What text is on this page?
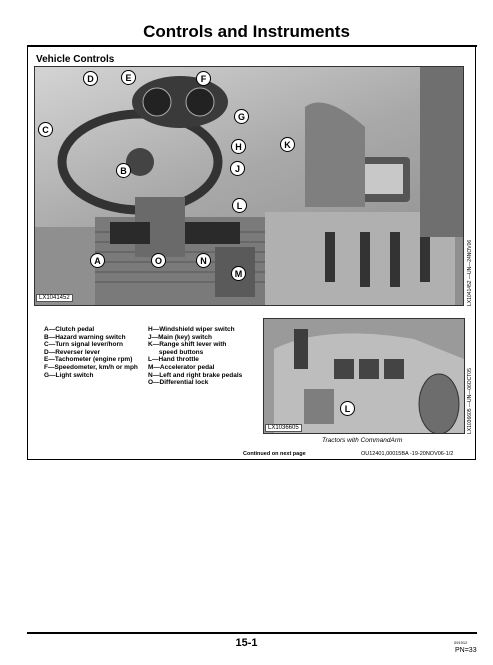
Controls and Instruments
Vehicle Controls
D	E	F
C
G
H	K
B	J
L
A	O	N
M
LX1041452	LX1041452 —UN—24NOV06
A—Clutch pedal
B—Hazard warning switch
C—Turn signal lever/horn
D—Reverser lever
E—Tachometer (engine rpm)
F—Speedometer, km/h or mph
G—Light switch
H—Windshield wiper switch
J—Main (key) switch
K—Range shift lever with
speed buttons
L—Hand throttle
M—Accelerator pedal
N—Left and right brake pedals
O—Differential lock
L
LX1036605	LX1036605 —UN—06OCT05
Tractors with CommandArm
Continued on next page	OU12401,00015BA -19-20NOV06-1/2
15-1	091912
PN=33
